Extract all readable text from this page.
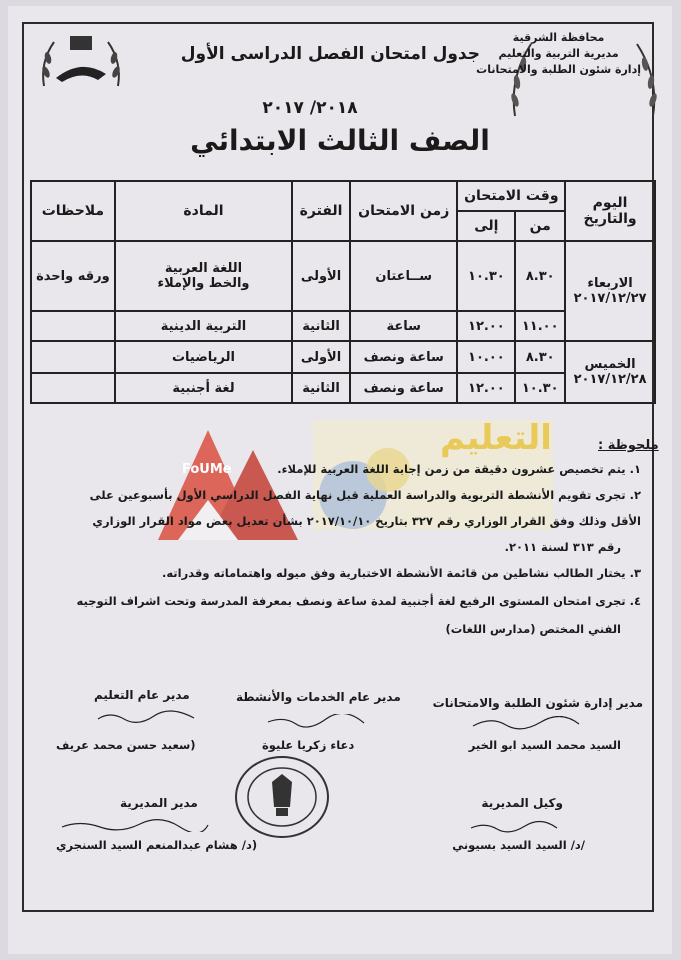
محافظة الشرقية
مديرية التربية والتعليم
إدارة شئون الطلبة والامتحانات
جدول امتحان الفصل الدراسى الأول
٢٠١٨/ ٢٠١٧
الصف الثالث الابتدائي
اليوم والتاريخ	وقت الامتحان		زمن الامتحان	الفترة	المادة	ملاحظات
	من	إلى				

الاربعاء
٢٠١٧/١٢/٢٧	٨.٣٠	١٠.٣٠	ســاعتان	الأولى	اللغة العربية والخط والإملاء	ورقه واحدة
	١١.٠٠	١٢.٠٠	ساعة	الثانية	التربية الدينية	

الخميس
٢٠١٧/١٢/٢٨	٨.٣٠	١٠.٠٠	ساعة ونصف	الأولى	الرياضيات	
	١٠.٣٠	١٢.٠٠	ساعة ونصف	الثانية	لغة أجنبية	
التعليم
FoUMe
ملحوظة :
١. يتم تخصيص عشرون دقيقة من زمن إجابة اللغة العربية للإملاء.
٢. تجرى تقويم الأنشطة التربوية والدراسة العملية قبل نهاية الفصل الدراسي الأول بأسبوعين على
الأقل وذلك وفق القرار الوزاري رقم ٣٢٧ بتاريخ ٢٠١٧/١٠/١٠ بشأن تعديل بعض مواد القرار الوزاري
رقم ٣١٣ لسنة ٢٠١١.
٣. يختار الطالب نشاطين من قائمة الأنشطة الاختبارية وفق ميوله واهتماماته وقدراته.
٤. تجرى امتحان المستوى الرفيع لغة أجنبية لمدة ساعة ونصف بمعرفة المدرسة وتحت اشراف التوجيه
الفني المختص (مدارس اللغات)
مدير إدارة شئون الطلبة والامتحانات
السيد محمد السيد ابو الخير
مدير عام الخدمات والأنشطة
دعاء زكريا عليوة
مدير عام التعليم
(سعيد حسن محمد عريف
وكيل المديرية
/د/ السيد السيد بسيوني
مدير المديرية
(د/ هشام عبدالمنعم السيد السنجري
